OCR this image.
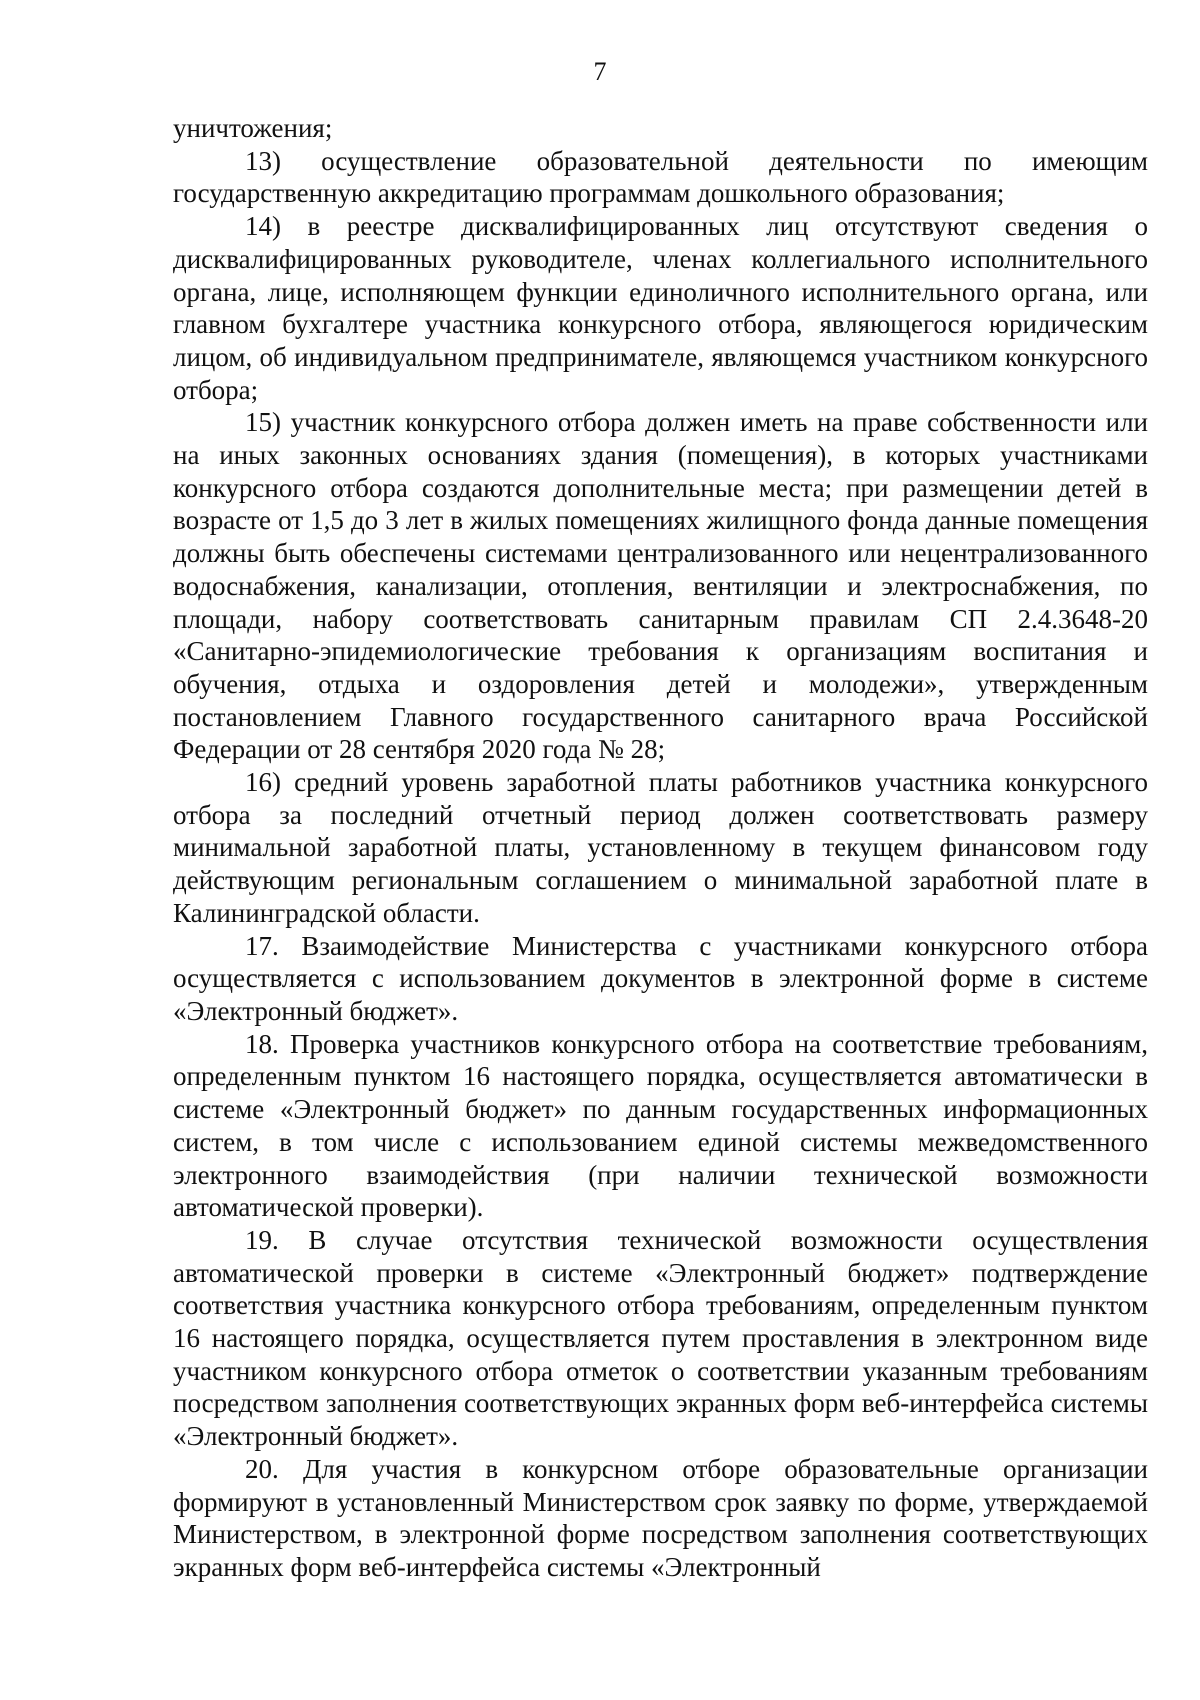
7

уничтожения;

13) осуществление образовательной деятельности по имеющим государственную аккредитацию программам дошкольного образования;

14) в реестре дисквалифицированных лиц отсутствуют сведения о дисквалифицированных руководителе, членах коллегиального исполнительного органа, лице, исполняющем функции единоличного исполнительного органа, или главном бухгалтере участника конкурсного отбора, являющегося юридическим лицом, об индивидуальном предпринимателе, являющемся участником конкурсного отбора;

15) участник конкурсного отбора должен иметь на праве собственности или на иных законных основаниях здания (помещения), в которых участниками конкурсного отбора создаются дополнительные места; при размещении детей в возрасте от 1,5 до 3 лет в жилых помещениях жилищного фонда данные помещения должны быть обеспечены системами централизованного или нецентрализованного водоснабжения, канализации, отопления, вентиляции и электроснабжения, по площади, набору соответствовать санитарным правилам СП 2.4.3648-20 «Санитарно-эпидемиологические требования к организациям воспитания и обучения, отдыха и оздоровления детей и молодежи», утвержденным постановлением Главного государственного санитарного врача Российской Федерации от 28 сентября 2020 года № 28;

16) средний уровень заработной платы работников участника конкурсного отбора за последний отчетный период должен соответствовать размеру минимальной заработной платы, установленному в текущем финансовом году действующим региональным соглашением о минимальной заработной плате в Калининградской области.

17. Взаимодействие Министерства с участниками конкурсного отбора осуществляется с использованием документов в электронной форме в системе «Электронный бюджет».

18. Проверка участников конкурсного отбора на соответствие требованиям, определенным пунктом 16 настоящего порядка, осуществляется автоматически в системе «Электронный бюджет» по данным государственных информационных систем, в том числе с использованием единой системы межведомственного электронного взаимодействия (при наличии технической возможности автоматической проверки).

19. В случае отсутствия технической возможности осуществления автоматической проверки в системе «Электронный бюджет» подтверждение соответствия участника конкурсного отбора требованиям, определенным пунктом 16 настоящего порядка, осуществляется путем проставления в электронном виде участником конкурсного отбора отметок о соответствии указанным требованиям посредством заполнения соответствующих экранных форм веб-интерфейса системы «Электронный бюджет».

20. Для участия в конкурсном отборе образовательные организации формируют в установленный Министерством срок заявку по форме, утверждаемой Министерством, в электронной форме посредством заполнения соответствующих экранных форм веб-интерфейса системы «Электронный
